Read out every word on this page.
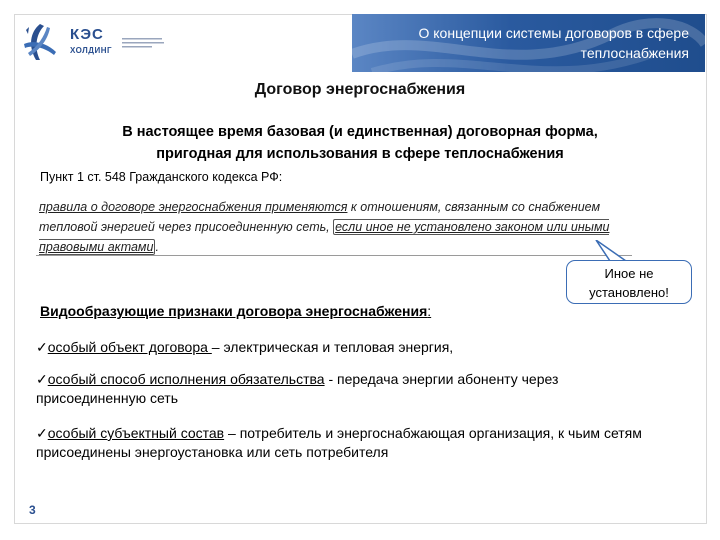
КЭС
ХОЛДИНГ
О концепции системы договоров в сфере
теплоснабжения
Договор энергоснабжения
В настоящее время базовая (и единственная) договорная форма,
пригодная для использования в сфере теплоснабжения
Пункт 1 ст. 548 Гражданского кодекса РФ:
правила о договоре энергоснабжения применяются к отношениям, связанным со снабжением тепловой энергией через присоединенную сеть, если иное не установлено законом или иными правовыми актами .
Иное не
установлено!
Видообразующие признаки договора энергоснабжения:
✓особый объект договора – электрическая и тепловая энергия,
✓особый способ исполнения обязательства - передача энергии абоненту через присоединенную сеть
✓особый субъектный состав – потребитель и энергоснабжающая организация, к чьим сетям присоединены энергоустановка или сеть потребителя
3
